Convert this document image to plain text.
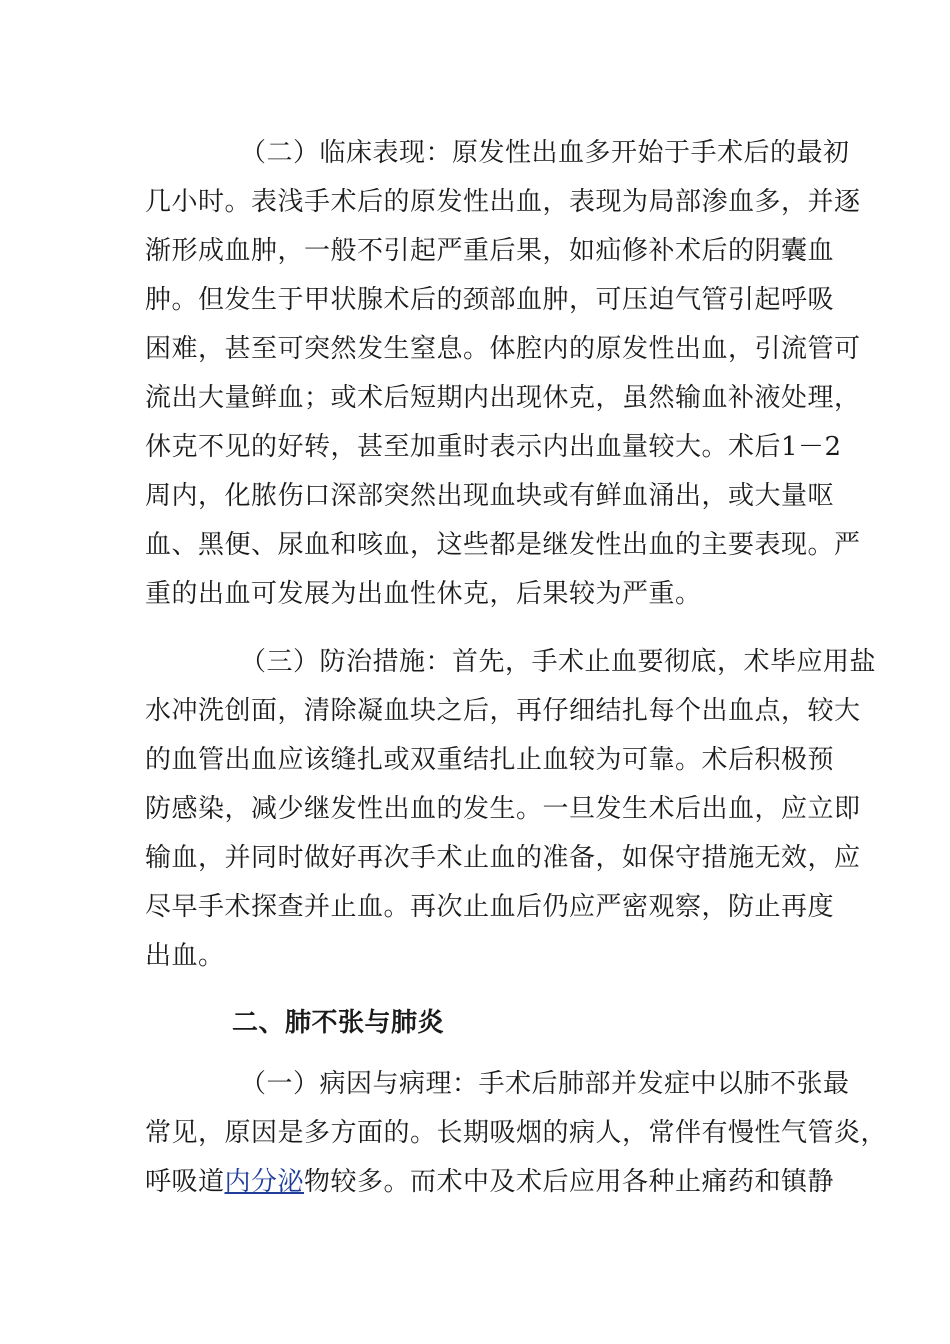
（二）临床表现：原发性出血多开始于手术后的最初
几小时。表浅手术后的原发性出血，表现为局部渗血多，并逐
渐形成血肿，一般不引起严重后果，如疝修补术后的阴囊血
肿。但发生于甲状腺术后的颈部血肿，可压迫气管引起呼吸
困难，甚至可突然发生窒息。体腔内的原发性出血，引流管可
流出大量鲜血；或术后短期内出现休克，虽然输血补液处理，
休克不见的好转，甚至加重时表示内出血量较大。术后1－2
周内，化脓伤口深部突然出现血块或有鲜血涌出，或大量呕
血、黑便、尿血和咳血，这些都是继发性出血的主要表现。严
重的出血可发展为出血性休克，后果较为严重。
（三）防治措施：首先，手术止血要彻底，术毕应用盐
水冲洗创面，清除凝血块之后，再仔细结扎每个出血点，较大
的血管出血应该缝扎或双重结扎止血较为可靠。术后积极预
防感染，减少继发性出血的发生。一旦发生术后出血，应立即
输血，并同时做好再次手术止血的准备，如保守措施无效，应
尽早手术探查并止血。再次止血后仍应严密观察，防止再度
出血。
二、肺不张与肺炎
（一）病因与病理：手术后肺部并发症中以肺不张最
常见，原因是多方面的。长期吸烟的病人，常伴有慢性气管炎，
呼吸道内分泌物较多。而术中及术后应用各种止痛药和镇静
